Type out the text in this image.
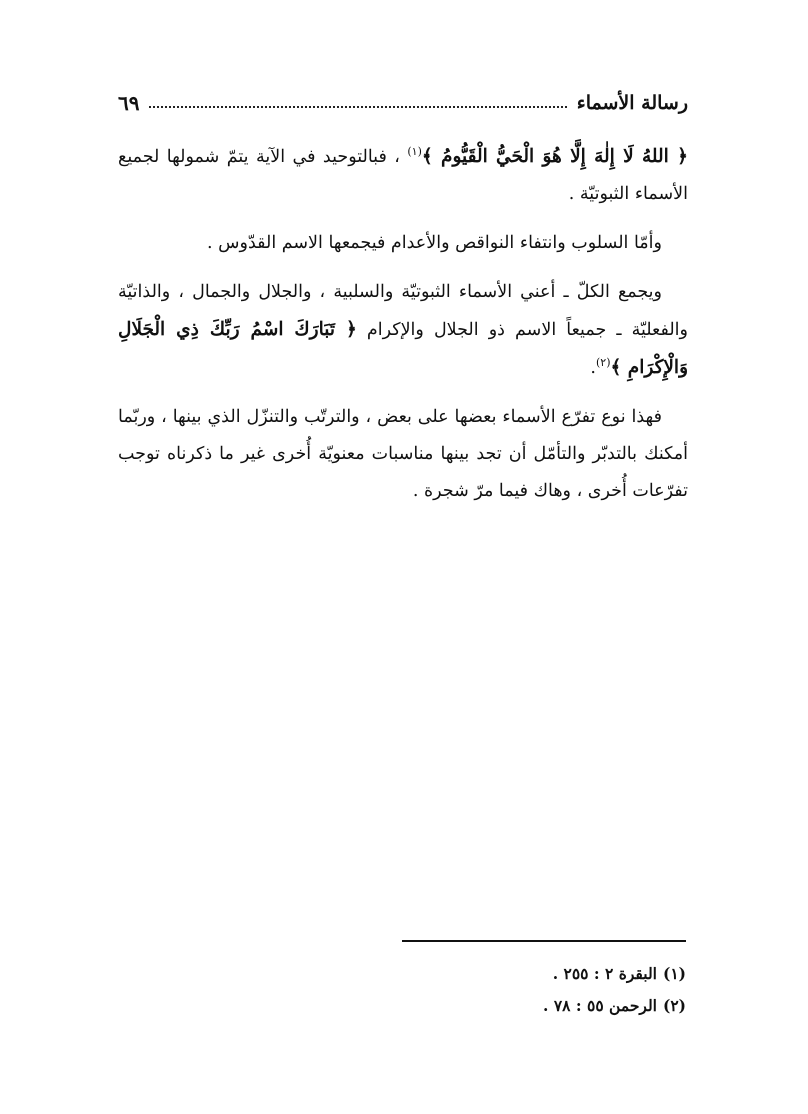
رسالة الأسماء
٦٩

﴿ اللهُ لَا إِلٰهَ إِلَّا هُوَ الْحَيُّ الْقَيُّومُ ﴾$^{(١)}$ ، فبالتوحيد في الآية يتمّ شمولها لجميع الأسماء الثبوتيّة .

وأمّا السلوب وانتفاء النواقص والأعدام فيجمعها الاسم القدّوس .

ويجمع الكلّ ـ أعني الأسماء الثبوتيّة والسلبية ، والجلال والجمال ، والذاتيّة والفعليّة ـ جميعاً الاسم ذو الجلال والإكرام ﴿ تَبَارَكَ اسْمُ رَبِّكَ ذِي الْجَلَالِ وَالْإِكْرَامِ ﴾$^{(٢)}$.

فهذا نوع تفرّع الأسماء بعضها على بعض ، والترتّب والتنزّل الذي بينها ، وربّما أمكنك بالتدبّر والتأمّل أن تجد بينها مناسبات معنويّة أُخرى غير ما ذكرناه توجب تفرّعات أُخرى ، وهاك فيما مرّ شجرة .

(١)البقرة ٢ : ٢٥٥ .
(٢)الرحمن ٥٥ : ٧٨ .
